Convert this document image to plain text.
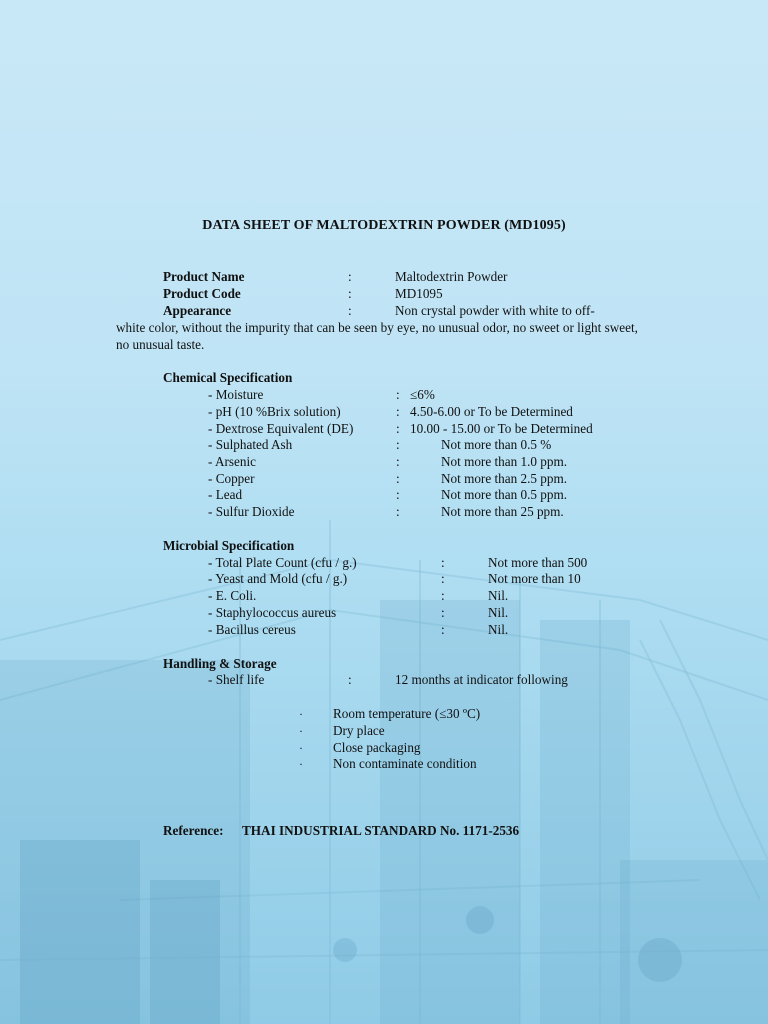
DATA SHEET OF MALTODEXTRIN POWDER (MD1095)
Product Name	:	Maltodextrin Powder
Product Code	:	MD1095
Appearance	:	Non crystal powder with white to off-
white color, without the impurity that can be seen by eye, no unusual odor, no sweet or light sweet, no unusual taste.
Chemical Specification
- Moisture	: ≤6%
- pH (10 %Brix solution)	: 4.50-6.00 or To be Determined
- Dextrose Equivalent (DE)	: 10.00 - 15.00 or To be Determined
- Sulphated Ash	:	Not more than 0.5 %
- Arsenic	:	Not more than 1.0 ppm.
- Copper	:	Not more than 2.5 ppm.
- Lead	:	Not more than 0.5 ppm.
- Sulfur Dioxide	:	Not more than 25 ppm.
Microbial Specification
- Total Plate Count (cfu / g.)	:	Not more than 500
- Yeast and Mold (cfu / g.)	:	Not more than 10
- E. Coli.	:	Nil.
- Staphylococcus aureus	:	Nil.
- Bacillus cereus	:	Nil.
Handling & Storage
- Shelf life	:	12 months at indicator following
· Room temperature (≤30 ºC)
· Dry place
· Close packaging
· Non contaminate condition
Reference: THAI INDUSTRIAL STANDARD No. 1171-2536
